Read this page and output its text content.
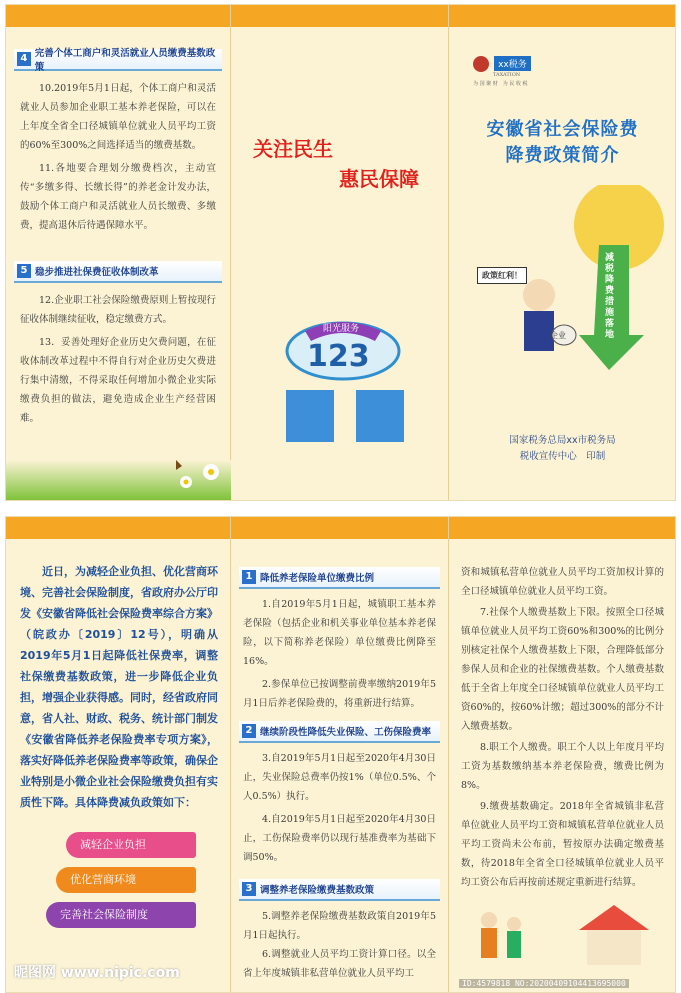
4 完善个体工商户和灵活就业人员缴费基数政策

10.2019年5月1日起，个体工商户和灵活就业人员参加企业职工基本养老保险，可以在上年度全省全口径城镇单位就业人员平均工资的60%至300%之间选择适当的缴费基数。

11.各地要合理划分缴费档次，主动宣传“多缴多得、长缴长得”的养老金计发办法，鼓励个体工商户和灵活就业人员长缴费、多缴费，提高退休后待遇保障水平。

5 稳步推进社保费征收体制改革

12.企业职工社会保险缴费原则上暂按现行征收体制继续征收，稳定缴费方式。

13．妥善处理好企业历史欠费问题，在征收体制改革过程中不得自行对企业历史欠费进行集中清缴，不得采取任何增加小微企业实际缴费负担的做法，避免造成企业生产经营困难。

关注民生
惠民保障
阳光服务
123
xx税务
TAXATION
为 国 聚 财　为 民 收 税
安徽省社会保险费
降费政策简介
政策红利！
减税降费措施落地
企业
国家税务总局xx市税务局
税收宣传中心　印制

近日，为减轻企业负担、优化营商环境、完善社会保险制度，省政府办公厅印发《安徽省降低社会保险费率综合方案》（皖政办〔2019〕12号），明确从2019年5月1日起降低社保费率，调整社保缴费基数政策，进一步降低企业负担，增强企业获得感。同时，经省政府同意，省人社、财政、税务、统计部门制发《安徽省降低养老保险费率专项方案》，落实好降低养老保险费率等政策，确保企业特别是小微企业社会保险缴费负担有实质性下降。具体降费减负政策如下：

减轻企业负担
优化营商环境
完善社会保险制度
昵图网 www.nipic.com
1 降低养老保险单位缴费比例

1.自2019年5月1日起，城镇职工基本养老保险（包括企业和机关事业单位基本养老保险，以下简称养老保险）单位缴费比例降至16%。

2.参保单位已按调整前费率缴纳2019年5月1日后养老保险费的，将重新进行结算。

2 继续阶段性降低失业保险、工伤保险费率

3.自2019年5月1日起至2020年4月30日止，失业保险总费率仍按1%（单位0.5%、个人0.5%）执行。

4.自2019年5月1日起至2020年4月30日止，工伤保险费率仍以现行基准费率为基础下调50%。

3 调整养老保险缴费基数政策

5.调整养老保险缴费基数政策自2019年5月1日起执行。

6.调整就业人员平均工资计算口径。以全省上年度城镇非私营单位就业人员平均工

资和城镇私营单位就业人员平均工资加权计算的全口径城镇单位就业人员平均工资。

7.社保个人缴费基数上下限。按照全口径城镇单位就业人员平均工资60%和300%的比例分别核定社保个人缴费基数上下限，合理降低部分参保人员和企业的社保缴费基数。个人缴费基数低于全省上年度全口径城镇单位就业人员平均工资60%的，按60%计缴；超过300%的部分不计入缴费基数。

8.职工个人缴费。职工个人以上年度月平均工资为基数缴纳基本养老保险费，缴费比例为8%。

9.缴费基数确定。2018年全省城镇非私营单位就业人员平均工资和城镇私营单位就业人员平均工资尚未公布前，暂按原办法确定缴费基数，待2018年全省全口径城镇单位就业人员平均工资公布后再按前述规定重新进行结算。

ID:4579818 NO:20200409104413695000
